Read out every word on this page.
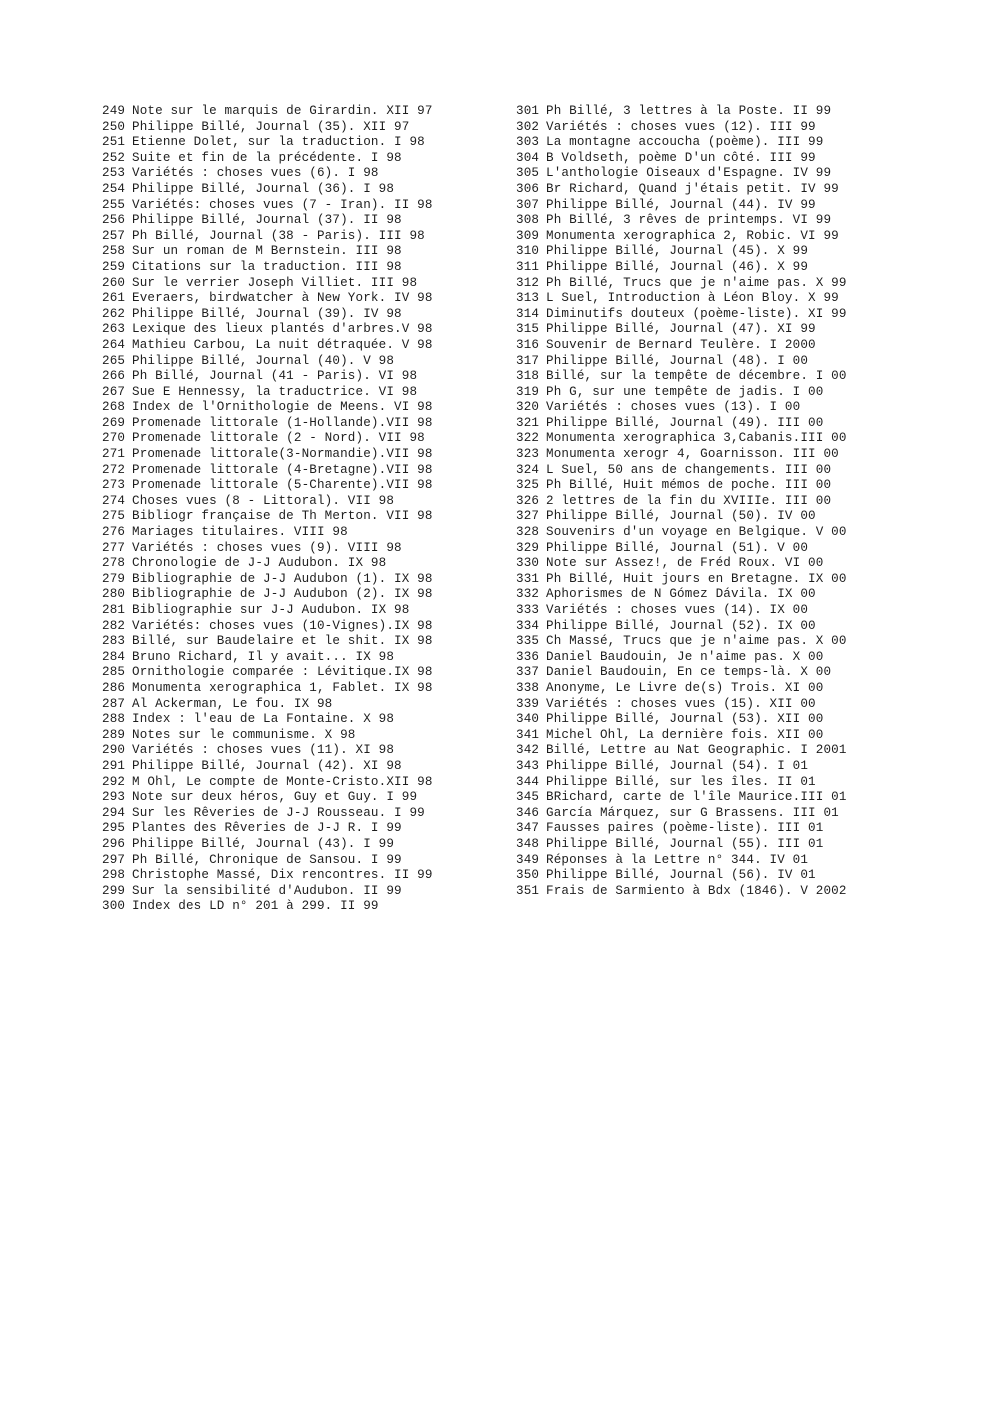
249 Note sur le marquis de Girardin. XII 97
250 Philippe Billé, Journal (35). XII 97
251 Etienne Dolet, sur la traduction. I 98
252 Suite et fin de la précédente. I 98
253 Variétés : choses vues (6). I 98
254 Philippe Billé, Journal (36). I 98
255 Variétés: choses vues (7 - Iran). II 98
256 Philippe Billé, Journal (37). II 98
257 Ph Billé, Journal (38 - Paris). III 98
258 Sur un roman de M Bernstein. III 98
259 Citations sur la traduction. III 98
260 Sur le verrier Joseph Villiet. III 98
261 Everaers, birdwatcher à New York. IV 98
262 Philippe Billé, Journal (39). IV 98
263 Lexique des lieux plantés d'arbres.V 98
264 Mathieu Carbou, La nuit détraquée. V 98
265 Philippe Billé, Journal (40). V 98
266 Ph Billé, Journal (41 - Paris). VI 98
267 Sue E Hennessy, la traductrice. VI 98
268 Index de l'Ornithologie de Meens. VI 98
269 Promenade littorale (1-Hollande).VII 98
270 Promenade littorale (2 - Nord). VII 98
271 Promenade littorale(3-Normandie).VII 98
272 Promenade littorale (4-Bretagne).VII 98
273 Promenade littorale (5-Charente).VII 98
274 Choses vues (8 - Littoral). VII 98
275 Bibliogr française de Th Merton. VII 98
276 Mariages titulaires. VIII 98
277 Variétés : choses vues (9). VIII 98
278 Chronologie de J-J Audubon. IX 98
279 Bibliographie de J-J Audubon (1). IX 98
280 Bibliographie de J-J Audubon (2). IX 98
281 Bibliographie sur J-J Audubon. IX 98
282 Variétés: choses vues (10-Vignes).IX 98
283 Billé, sur Baudelaire et le shit. IX 98
284 Bruno Richard, Il y avait... IX 98
285 Ornithologie comparée : Lévitique.IX 98
286 Monumenta xerographica 1, Fablet. IX 98
287 Al Ackerman, Le fou. IX 98
288 Index : l'eau de La Fontaine. X 98
289 Notes sur le communisme. X 98
290 Variétés : choses vues (11). XI 98
291 Philippe Billé, Journal (42). XI 98
292 M Ohl, Le compte de Monte-Cristo.XII 98
293 Note sur deux héros, Guy et Guy. I 99
294 Sur les Rêveries de J-J Rousseau. I 99
295 Plantes des Rêveries de J-J R. I 99
296 Philippe Billé, Journal (43). I 99
297 Ph Billé, Chronique de Sansou. I 99
298 Christophe Massé, Dix rencontres. II 99
299 Sur la sensibilité d'Audubon. II 99
300 Index des LD n° 201 à 299. II 99
301 Ph Billé, 3 lettres à la Poste. II 99
302 Variétés : choses vues (12). III 99
303 La montagne accoucha (poème). III 99
304 B Voldseth, poème D'un côté. III 99
305 L'anthologie Oiseaux d'Espagne. IV 99
306 Br Richard, Quand j'étais petit. IV 99
307 Philippe Billé, Journal (44). IV 99
308 Ph Billé, 3 rêves de printemps. VI 99
309 Monumenta xerographica 2, Robic. VI 99
310 Philippe Billé, Journal (45). X 99
311 Philippe Billé, Journal (46). X 99
312 Ph Billé, Trucs que je n'aime pas. X 99
313 L Suel, Introduction à Léon Bloy. X 99
314 Diminutifs douteux (poème-liste). XI 99
315 Philippe Billé, Journal (47). XI 99
316 Souvenir de Bernard Teulère. I 2000
317 Philippe Billé, Journal (48). I 00
318 Billé, sur la tempête de décembre. I 00
319 Ph G, sur une tempête de jadis. I 00
320 Variétés : choses vues (13). I 00
321 Philippe Billé, Journal (49). III 00
322 Monumenta xerographica 3,Cabanis.III 00
323 Monumenta xerogr 4, Goarnisson. III 00
324 L Suel, 50 ans de changements. III 00
325 Ph Billé, Huit mémos de poche. III 00
326 2 lettres de la fin du XVIIIe. III 00
327 Philippe Billé, Journal (50). IV 00
328 Souvenirs d'un voyage en Belgique. V 00
329 Philippe Billé, Journal (51). V 00
330 Note sur Assez!, de Fréd Roux. VI 00
331 Ph Billé, Huit jours en Bretagne. IX 00
332 Aphorismes de N Gómez Dávila. IX 00
333 Variétés : choses vues (14). IX 00
334 Philippe Billé, Journal (52). IX 00
335 Ch Massé, Trucs que je n'aime pas. X 00
336 Daniel Baudouin, Je n'aime pas. X 00
337 Daniel Baudouin, En ce temps-là. X 00
338 Anonyme, Le Livre de(s) Trois. XI 00
339 Variétés : choses vues (15). XII 00
340 Philippe Billé, Journal (53). XII 00
341 Michel Ohl, La dernière fois. XII 00
342 Billé, Lettre au Nat Geographic. I 2001
343 Philippe Billé, Journal (54). I 01
344 Philippe Billé, sur les îles. II 01
345 BRichard, carte de l'île Maurice.III 01
346 García Márquez, sur G Brassens. III 01
347 Fausses paires (poème-liste). III 01
348 Philippe Billé, Journal (55). III 01
349 Réponses à la Lettre n° 344. IV 01
350 Philippe Billé, Journal (56). IV 01
351 Frais de Sarmiento à Bdx (1846). V 2002
